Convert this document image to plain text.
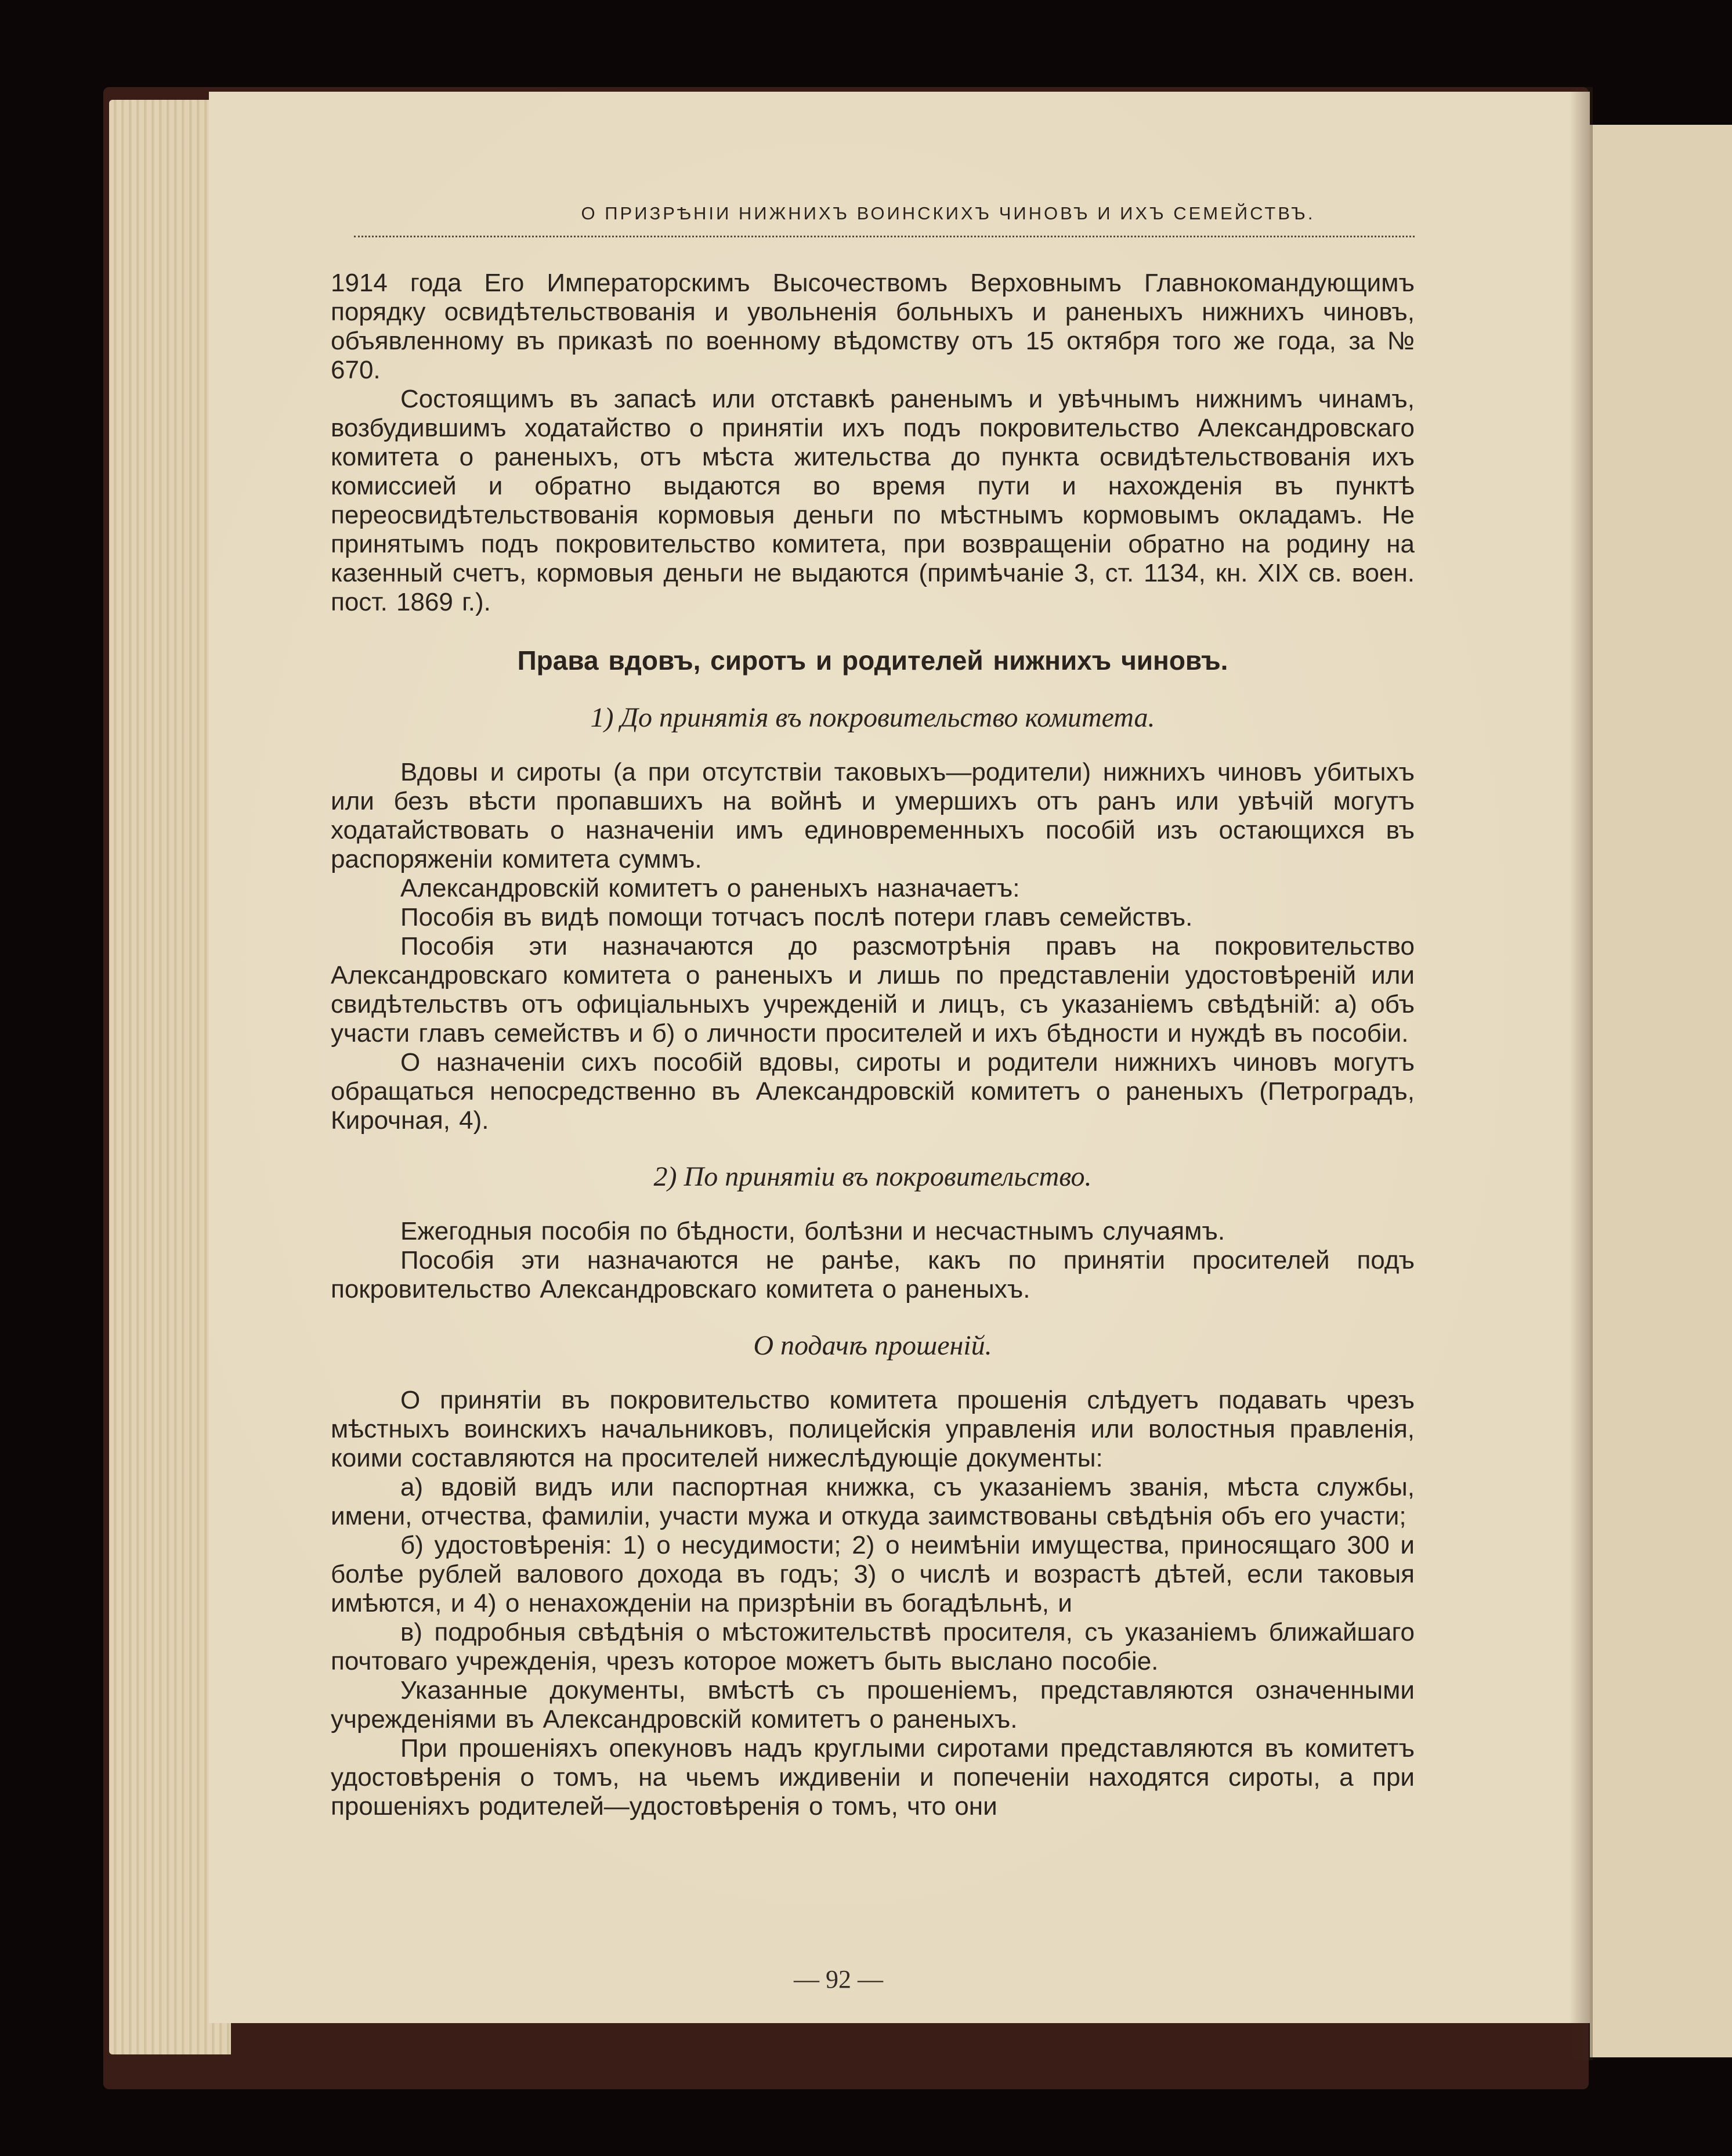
О ПРИЗРѢНІИ НИЖНИХЪ ВОИНСКИХЪ ЧИНОВЪ И ИХЪ СЕМЕЙСТВЪ.

1914 года Его Императорскимъ Высочествомъ Верховнымъ Главнокомандующимъ порядку освидѣтельствованія и увольненія больныхъ и раненыхъ нижнихъ чиновъ, объявленному въ приказѣ по военному вѣдомству отъ 15 октября того же года, за № 670.

Состоящимъ въ запасѣ или отставкѣ раненымъ и увѣчнымъ нижнимъ чинамъ, возбудившимъ ходатайство о принятіи ихъ подъ покровительство Александровскаго комитета о раненыхъ, отъ мѣста жительства до пункта освидѣтельствованія ихъ комиссией и обратно выдаются во время пути и нахожденія въ пунктѣ переосвидѣтельствованія кормовыя деньги по мѣстнымъ кормовымъ окладамъ. Не принятымъ подъ покровительство комитета, при возвращеніи обратно на родину на казенный счетъ, кормовыя деньги не выдаются (примѣчаніе 3, ст. 1134, кн. XIX св. воен. пост. 1869 г.).

Права вдовъ, сиротъ и родителей нижнихъ чиновъ.
1) До принятія въ покровительство комитета.

Вдовы и сироты (а при отсутствіи таковыхъ—родители) нижнихъ чиновъ убитыхъ или безъ вѣсти пропавшихъ на войнѣ и умершихъ отъ ранъ или увѣчій могутъ ходатайствовать о назначеніи имъ единовременныхъ пособій изъ остающихся въ распоряженіи комитета суммъ.

Александровскій комитетъ о раненыхъ назначаетъ:

Пособія въ видѣ помощи тотчасъ послѣ потери главъ семействъ.

Пособія эти назначаются до разсмотрѣнія правъ на покровительство Александровскаго комитета о раненыхъ и лишь по представленіи удостовѣреній или свидѣтельствъ отъ офиціальныхъ учрежденій и лицъ, съ указаніемъ свѣдѣній: а) объ участи главъ семействъ и б) о личности просителей и ихъ бѣдности и нуждѣ въ пособіи.

О назначеніи сихъ пособій вдовы, сироты и родители нижнихъ чиновъ могутъ обращаться непосредственно въ Александровскій комитетъ о раненыхъ (Петроградъ, Кирочная, 4).

2) По принятіи въ покровительство.

Ежегодныя пособія по бѣдности, болѣзни и несчастнымъ случаямъ.

Пособія эти назначаются не ранѣе, какъ по принятіи просителей подъ покровительство Александровскаго комитета о раненыхъ.

О подачѣ прошеній.

О принятіи въ покровительство комитета прошенія слѣдуетъ подавать чрезъ мѣстныхъ воинскихъ начальниковъ, полицейскія управленія или волостныя правленія, коими составляются на просителей нижеслѣдующіе документы:

а) вдовій видъ или паспортная книжка, съ указаніемъ званія, мѣста службы, имени, отчества, фамиліи, участи мужа и откуда заимствованы свѣдѣнія объ его участи;

б) удостовѣренія: 1) о несудимости; 2) о неимѣніи имущества, приносящаго 300 и болѣе рублей валового дохода въ годъ; 3) о числѣ и возрастѣ дѣтей, если таковыя имѣются, и 4) о ненахожденіи на призрѣніи въ богадѣльнѣ, и

в) подробныя свѣдѣнія о мѣстожительствѣ просителя, съ указаніемъ ближайшаго почтоваго учрежденія, чрезъ которое можетъ быть выслано пособіе.

Указанные документы, вмѣстѣ съ прошеніемъ, представляются означенными учрежденіями въ Александровскій комитетъ о раненыхъ.

При прошеніяхъ опекуновъ надъ круглыми сиротами представляются въ комитетъ удостовѣренія о томъ, на чьемъ иждивеніи и попеченіи находятся сироты, а при прошеніяхъ родителей—удостовѣренія о томъ, что они

— 92 —
